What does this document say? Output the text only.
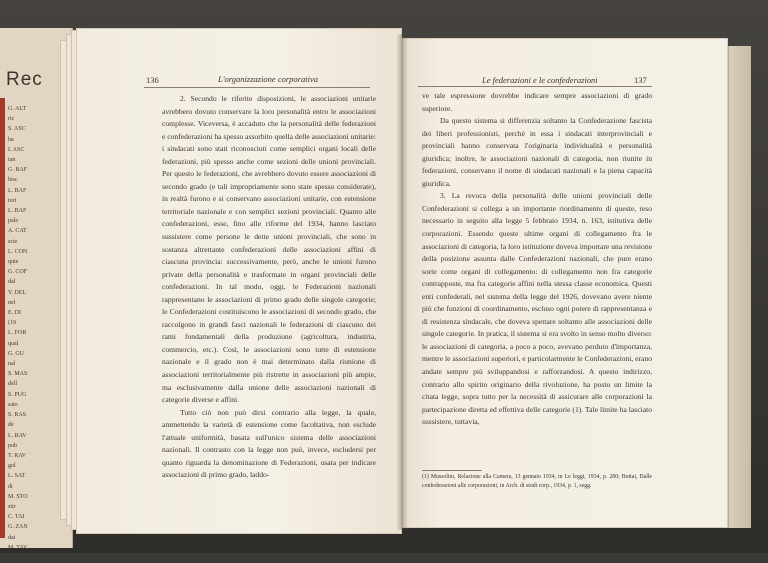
Rec
G. ALT
ric
S. ASC
ha
I. ASC
tan
G. BAF
bisc
L. BAF
tori
L. BAF
pale
A. CAT
scie
L. CON
quie
G. COF
dal
V. DEL
nel
E. DI
(19
L. FOR
qual
G. GU
nal
S. MAS
dell
S. PUG
sato
S. RAS
de
L. RAV
pub
T. RAV
gol
L. SAT
di
M. STO
stir
C. TAI
G. ZAN
dai
M. TAV
ottr
136	L'organizzazione corporativa

2. Secondo le riferite disposizioni, le associazioni unitarie avrebbero dovuto conservare la loro personalità entro le associazioni complesse. Viceversa, è accaduto che la personalità delle federazioni e confederazioni ha spesso assorbito quella delle associazioni unitarie: i sindacati sono stati riconosciuti come semplici organi locali delle federazioni, più spesso anche come sezioni delle unioni provinciali. Per questo le federazioni, che avrebbero dovuto essere associazioni di secondo grado (e tali impropriamente sono state spesso considerate), in realtà furono e si conservano associazioni unitarie, con estensione territoriale nazionale e con semplici sezioni provinciali. Quanto alle confederazioni, esse, fino alle riforme del 1934, hanno lasciato sussistere come persone le dette unioni provinciali, che sono in sostanza altrettante confederazioni delle associazioni affini di ciascuna provincia: successivamente, però, anche le unioni furono private della personalità e trasformate in organi provinciali delle confederazioni. In tal modo, oggi, le Federazioni nazionali rappresentano le associazioni di primo grado delle singole categorie; le Confederazioni costituiscono le associazioni di secondo grado, che raccolgono in grandi fasci nazionali le federazioni di ciascuno dei rami fondamentali della produzione (agricoltura, industria, commercio, etc.). Così, le associazioni sono tutte di estensione nazionale e il grado non è mai determinato dalla riunione di associazioni territorialmente più ristrette in associazioni più ampie, ma esclusivamente dalla unione delle associazioni nazionali di categorie diverse e affini.

Tutto ciò non può dirsi contrario alla legge, la quale, ammettendo la varietà di estensione come facoltativa, non esclude l'attuale uniformità, basata sull'unico sistema delle associazioni nazionali. Il contrasto con la legge non può, invece, escludersi per quanto riguarda la denominazione di Federazioni, usata per indicare associazioni di primo grado, laddo-

Le federazioni e le confederazioni	137

ve tale espressione dovrebbe indicare sempre associazioni di grado superiore.

Da questo sistema si differenzia soltanto la Confederazione fascista dei liberi professionisti, perchè in essa i sindacati interprovinciali e provinciali hanno conservata l'originaria individualità e personalità giuridica; inoltre, le associazioni nazionali di categoria, non riunite in federazioni, conservano il nome di sindacati nazionali e la piena capacità giuridica.

3. La revoca della personalità delle unioni provinciali delle Confederazioni si collega a un importante riordinamento di queste, reso necessario in seguito alla legge 5 febbraio 1934, n. 163, istitutiva delle corporazioni. Essendo queste ultime organi di collegamento fra le associazioni di categoria, la loro istituzione doveva importare una revisione della posizione assunta dalle Confederazioni nazionali, che pure erano sorte come organi di collegamento: di collegamento non fra categorie contrapposte, ma fra categorie affini nella stessa classe economica. Questi enti confederali, nel sistema della legge del 1926, dovevano avere niente più che funzioni di coordinamento, escluso ogni potere di rappresentanza e di resistenza sindacale, che doveva spettare soltanto alle associazioni delle singole categorie. In pratica, il sistema si era svolto in senso molto diverso: le associazioni di categoria, a poco a poco, avevano perduto d'importanza, mentre le associazioni superiori, e particolarmente le Confederazioni, erano andate sempre più sviluppandosi e rafforzandosi. A questo indirizzo, contrario allo spirito originario della rivoluzione, ha posto un limite la citata legge, sopra tutto per la necessità di assicurare alle corporazioni la partecipazione diretta ed effettiva delle categorie (1). Tale limite ha lasciato sussistere, tuttavia,

(1) Mussolini, Relazione alla Camera, 13 gennaio 1934, in Le leggi, 1934, p. 280; Bottai, Dalle confederazioni alle corporazioni, in Arch. di studi corp., 1934, p. 1, segg.
